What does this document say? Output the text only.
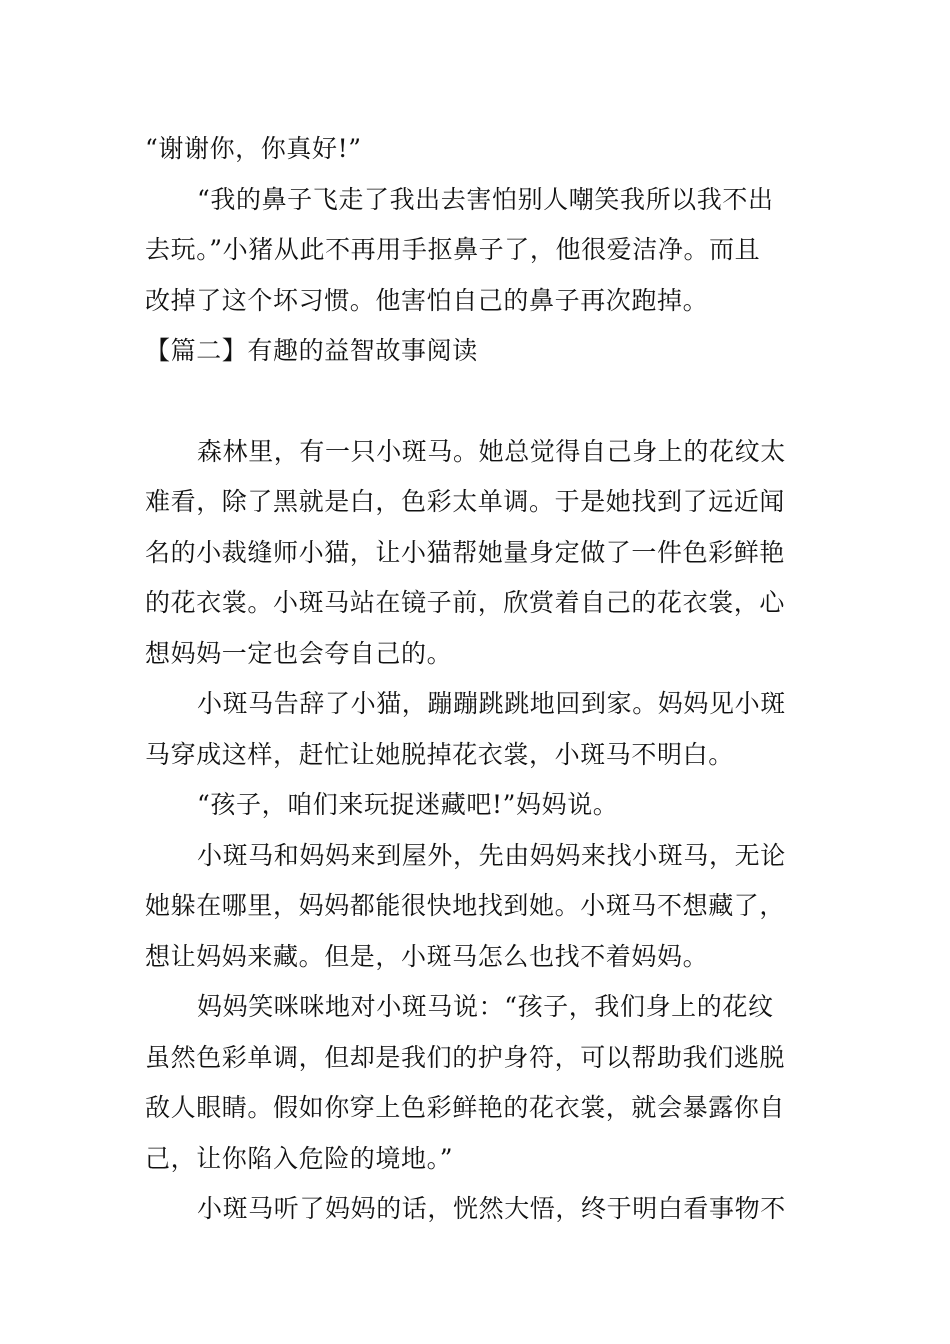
“谢谢你，你真好!”
“我的鼻子飞走了我出去害怕别人嘲笑我所以我不出
去玩。”小猪从此不再用手抠鼻子了，他很爱洁净。而且
改掉了这个坏习惯。他害怕自己的鼻子再次跑掉。
【篇二】有趣的益智故事阅读
森林里，有一只小斑马。她总觉得自己身上的花纹太
难看，除了黑就是白，色彩太单调。于是她找到了远近闻
名的小裁缝师小猫，让小猫帮她量身定做了一件色彩鲜艳
的花衣裳。小斑马站在镜子前，欣赏着自己的花衣裳，心
想妈妈一定也会夸自己的。
小斑马告辞了小猫，蹦蹦跳跳地回到家。妈妈见小斑
马穿成这样，赶忙让她脱掉花衣裳，小斑马不明白。
“孩子，咱们来玩捉迷藏吧!”妈妈说。
小斑马和妈妈来到屋外，先由妈妈来找小斑马，无论
她躲在哪里，妈妈都能很快地找到她。小斑马不想藏了，
想让妈妈来藏。但是，小斑马怎么也找不着妈妈。
妈妈笑咪咪地对小斑马说：“孩子，我们身上的花纹
虽然色彩单调，但却是我们的护身符，可以帮助我们逃脱
敌人眼睛。假如你穿上色彩鲜艳的花衣裳，就会暴露你自
己，让你陷入危险的境地。”
小斑马听了妈妈的话，恍然大悟，终于明白看事物不
